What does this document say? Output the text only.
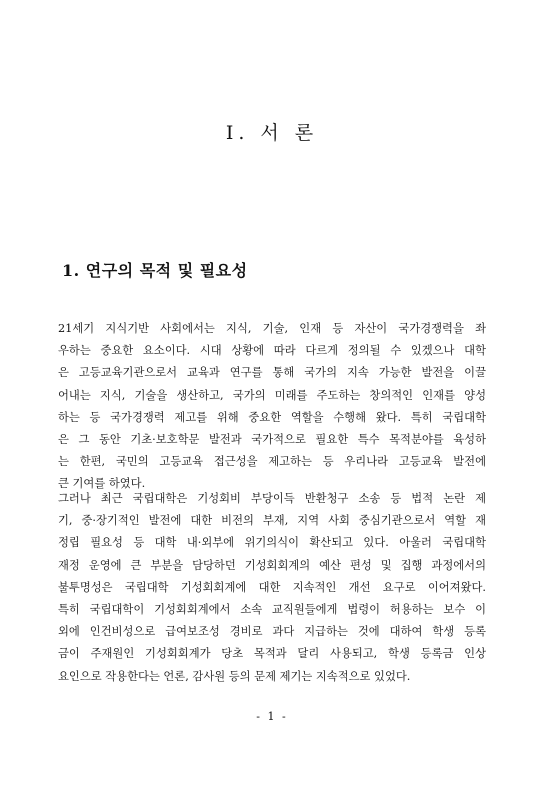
Ⅰ. 서 론
1. 연구의 목적 및 필요성
21세기 지식기반 사회에서는 지식, 기술, 인재 등 자산이 국가경쟁력을 좌
우하는 중요한 요소이다. 시대 상황에 따라 다르게 정의될 수 있겠으나 대학
은 고등교육기관으로서 교육과 연구를 통해 국가의 지속 가능한 발전을 이끌
어내는 지식, 기술을 생산하고, 국가의 미래를 주도하는 창의적인 인재를 양성
하는 등 국가경쟁력 제고를 위해 중요한 역할을 수행해 왔다. 특히 국립대학
은 그 동안 기초·보호학문 발전과 국가적으로 필요한 특수 목적분야를 육성하
는 한편, 국민의 고등교육 접근성을 제고하는 등 우리나라 고등교육 발전에
큰 기여를 하였다.
그러나 최근 국립대학은 기성회비 부당이득 반환청구 소송 등 법적 논란 제
기, 중·장기적인 발전에 대한 비전의 부재, 지역 사회 중심기관으로서 역할 재
정립 필요성 등 대학 내·외부에 위기의식이 확산되고 있다. 아울러 국립대학
재정 운영에 큰 부분을 담당하던 기성회회계의 예산 편성 및 집행 과정에서의
불투명성은 국립대학 기성회회계에 대한 지속적인 개선 요구로 이어져왔다.
특히 국립대학이 기성회회계에서 소속 교직원들에게 법령이 허용하는 보수 이
외에 인건비성으로 급여보조성 경비로 과다 지급하는 것에 대하여 학생 등록
금이 주재원인 기성회회계가 당초 목적과 달리 사용되고, 학생 등록금 인상
요인으로 작용한다는 언론, 감사원 등의 문제 제기는 지속적으로 있었다.

- 1 -
